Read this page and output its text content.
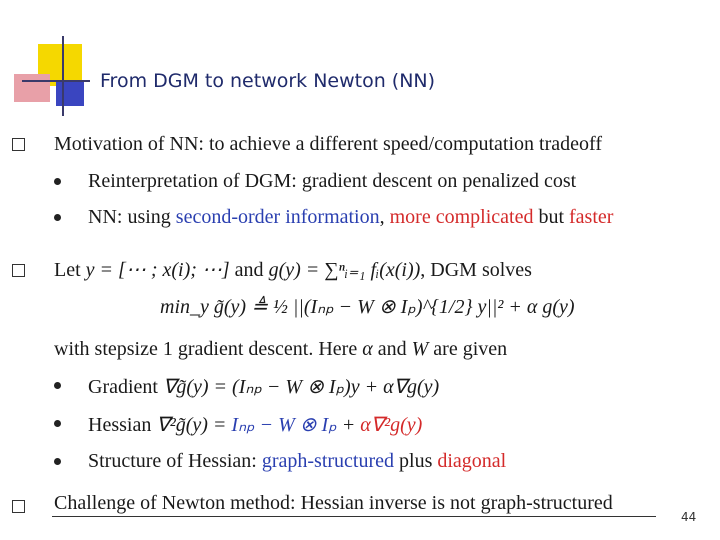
From DGM to network Newton (NN)
Motivation of NN: to achieve a different speed/computation tradeoff
Reinterpretation of DGM: gradient descent on penalized cost
NN: using second-order information, more complicated but faster
Let y = [⋯ ; x(i); ⋯] and g(y) = ∑ⁿᵢ₌₁ fᵢ(x(i)), DGM solves
min_y g̃(y) ≜ ½ ||(Iₙₚ − W ⊗ Iₚ)^{1/2} y||² + α g(y)
with stepsize 1 gradient descent. Here α and W are given
Gradient ∇g̃(y) = (Iₙₚ − W ⊗ Iₚ)y + α∇g(y)
Hessian ∇²g̃(y) = Iₙₚ − W ⊗ Iₚ + α∇²g(y)
Structure of Hessian: graph-structured plus diagonal
Challenge of Newton method: Hessian inverse is not graph-structured
44
